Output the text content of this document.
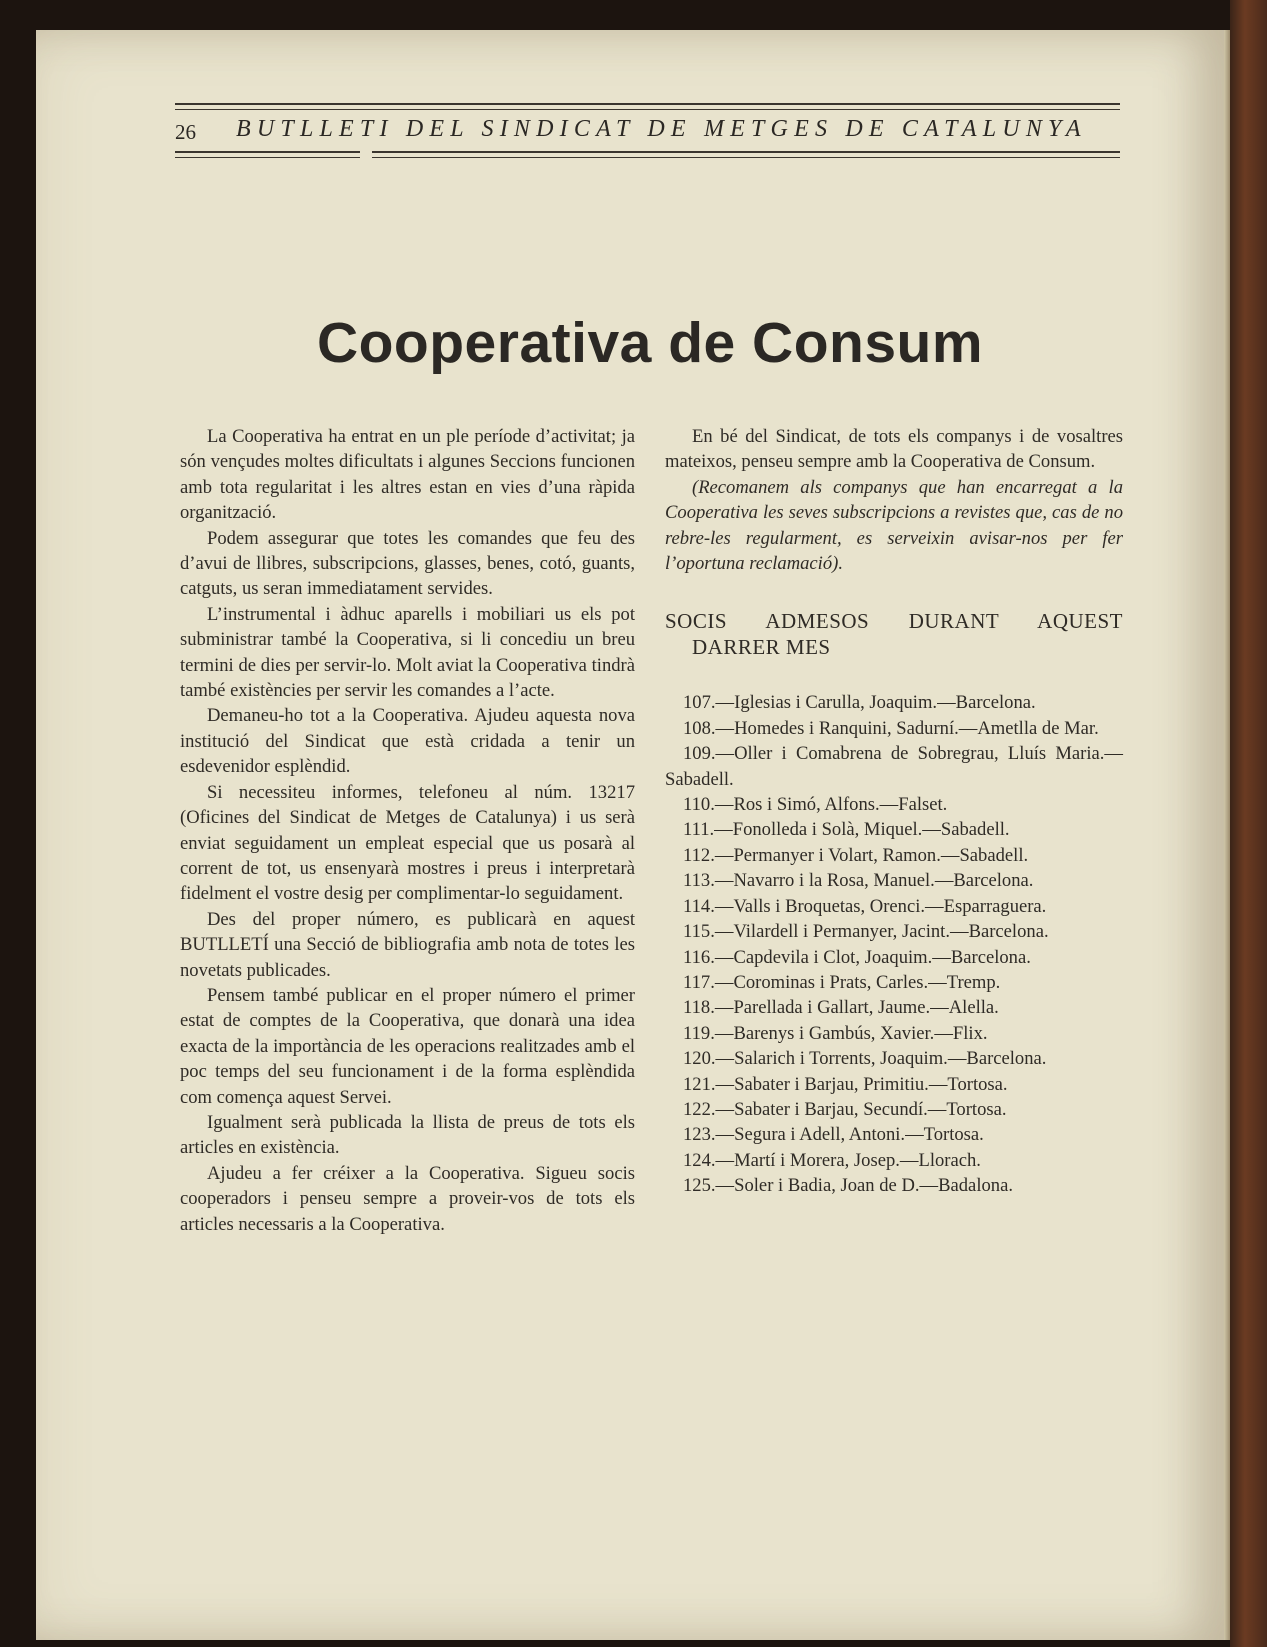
26 BUTLLETI DEL SINDICAT DE METGES DE CATALUNYA
Cooperativa de Consum

La Cooperativa ha entrat en un ple període d’activitat; ja són vençudes moltes dificultats i algunes Seccions funcionen amb tota regularitat i les altres estan en vies d’una ràpida organització.

Podem assegurar que totes les comandes que feu des d’avui de llibres, subscripcions, glasses, benes, cotó, guants, catguts, us seran immediatament servides.

L’instrumental i àdhuc aparells i mobiliari us els pot subministrar també la Cooperativa, si li concediu un breu termini de dies per servir-lo. Molt aviat la Cooperativa tindrà també existències per servir les comandes a l’acte.

Demaneu-ho tot a la Cooperativa. Ajudeu aquesta nova institució del Sindicat que està cridada a tenir un esdevenidor esplèndid.

Si necessiteu informes, telefoneu al núm. 13217 (Oficines del Sindicat de Metges de Catalunya) i us serà enviat seguidament un empleat especial que us posarà al corrent de tot, us ensenyarà mostres i preus i interpretarà fidelment el vostre desig per complimentar-lo seguidament.

Des del proper número, es publicarà en aquest BUTLLETÍ una Secció de bibliografia amb nota de totes les novetats publicades.

Pensem també publicar en el proper número el primer estat de comptes de la Cooperativa, que donarà una idea exacta de la importància de les operacions realitzades amb el poc temps del seu funcionament i de la forma esplèndida com comença aquest Servei.

Igualment serà publicada la llista de preus de tots els articles en existència.

Ajudeu a fer créixer a la Cooperativa. Sigueu socis cooperadors i penseu sempre a proveir-vos de tots els articles necessaris a la Cooperativa.

En bé del Sindicat, de tots els companys i de vosaltres mateixos, penseu sempre amb la Cooperativa de Consum.

(Recomanem als companys que han encarregat a la Cooperativa les seves subscripcions a revistes que, cas de no rebre-les regularment, es serveixin avisar-nos per fer l’oportuna reclamació).

SOCIS ADMESOS DURANT AQUEST
DARRER MES

107.—Iglesias i Carulla, Joaquim.—Barcelona.

108.—Homedes i Ranquini, Sadurní.—Ametlla de Mar.

109.—Oller i Comabrena de Sobregrau, Lluís Maria.—Sabadell.

110.—Ros i Simó, Alfons.—Falset.

111.—Fonolleda i Solà, Miquel.—Sabadell.

112.—Permanyer i Volart, Ramon.—Sabadell.

113.—Navarro i la Rosa, Manuel.—Barcelona.

114.—Valls i Broquetas, Orenci.—Esparraguera.

115.—Vilardell i Permanyer, Jacint.—Barcelona.

116.—Capdevila i Clot, Joaquim.—Barcelona.

117.—Corominas i Prats, Carles.—Tremp.

118.—Parellada i Gallart, Jaume.—Alella.

119.—Barenys i Gambús, Xavier.—Flix.

120.—Salarich i Torrents, Joaquim.—Barcelona.

121.—Sabater i Barjau, Primitiu.—Tortosa.

122.—Sabater i Barjau, Secundí.—Tortosa.

123.—Segura i Adell, Antoni.—Tortosa.

124.—Martí i Morera, Josep.—Llorach.

125.—Soler i Badia, Joan de D.—Badalona.
